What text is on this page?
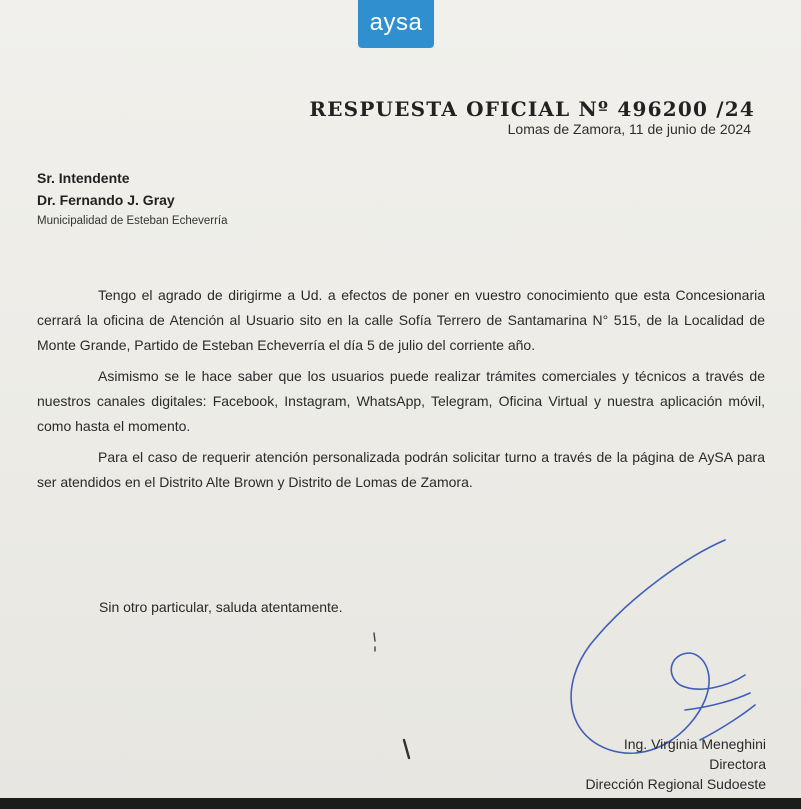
aysa
RESPUESTA OFICIAL Nº 496200 /24
Lomas de Zamora, 11 de junio de 2024
Sr. Intendente
Dr. Fernando J. Gray
Municipalidad de Esteban Echeverría

Tengo el agrado de dirigirme a Ud. a efectos de poner en vuestro conocimiento que esta Concesionaria cerrará la oficina de Atención al Usuario sito en la calle Sofía Terrero de Santamarina N° 515, de la Localidad de Monte Grande, Partido de Esteban Echeverría el día 5 de julio del corriente año.

Asimismo se le hace saber que los usuarios puede realizar trámites comerciales y técnicos a través de nuestros canales digitales: Facebook, Instagram, WhatsApp, Telegram, Oficina Virtual y nuestra aplicación móvil, como hasta el momento.

Para el caso de requerir atención personalizada podrán solicitar turno a través de la página de AySA para ser atendidos en el Distrito Alte Brown y Distrito de Lomas de Zamora.

Sin otro particular, saluda atentamente.
Ing. Virginia Meneghini
Directora
Dirección Regional Sudoeste
